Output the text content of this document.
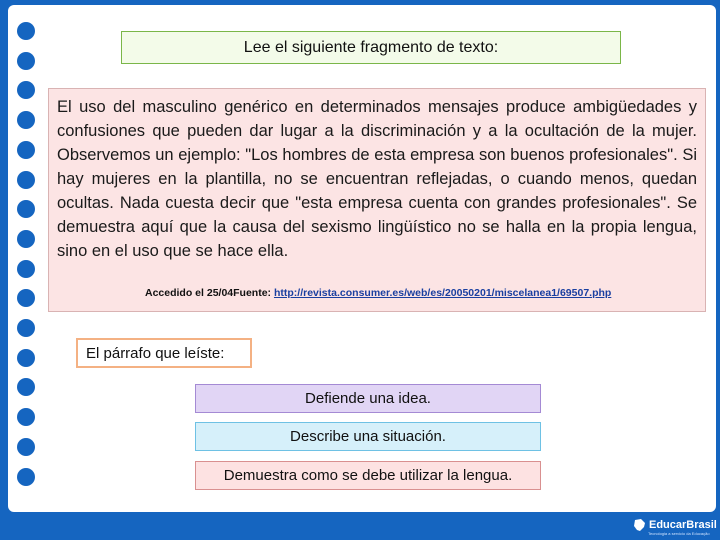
Lee el siguiente fragmento de texto:

El uso del masculino genérico en determinados mensajes produce ambigüedades y confusiones que pueden dar lugar a la discriminación y a la ocultación de la mujer. Observemos un ejemplo: "Los hombres de esta empresa son buenos profesionales". Si hay mujeres en la plantilla, no se encuentran reflejadas, o cuando menos, quedan ocultas. Nada cuesta decir que "esta empresa cuenta con grandes profesionales". Se demuestra aquí que la causa del sexismo lingüístico no se halla en la propia lengua, sino en el uso que se hace ella.

Accedido el 25/04Fuente: http://revista.consumer.es/web/es/20050201/miscelanea1/69507.php
El párrafo que leíste:
Defiende una idea.
Describe una situación.
Demuestra como se debe utilizar la lengua.
EducarBrasil
Tecnologia a servicio da Educação
